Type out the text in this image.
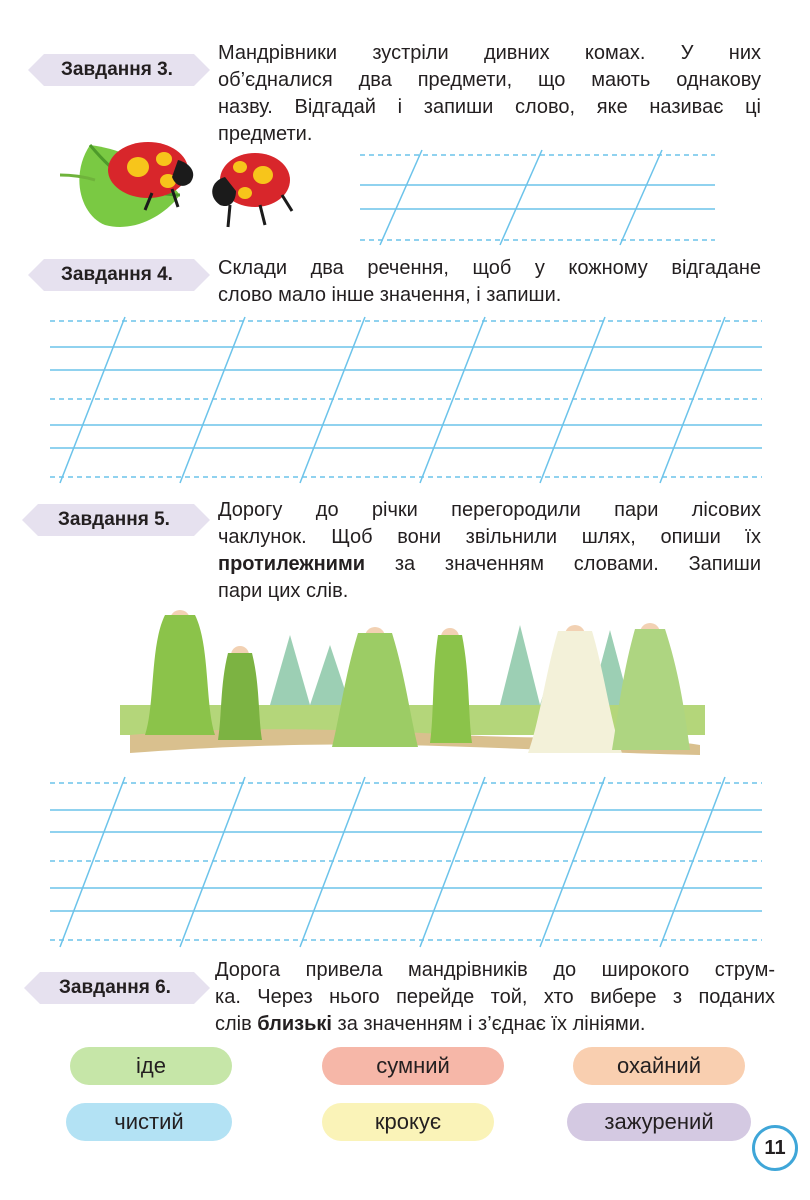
Завдання 3.
Мандрівники зустріли дивних комах. У них
об’єдналися два предмети, що мають однакову
назву. Відгадай і запиши слово, яке називає ці
предмети.
Завдання 4.	Склади два речення, щоб у кожному відгадане
слово мало інше значення, і запиши.
Завдання 5.	Дорогу до річки перегородили пари лісових
чаклунок. Щоб вони звільнили шлях, опиши їх
протилежними за значенням словами. Запиши
пари цих слів.
Завдання 6.
Дорога привела мандрівників до широкого струм-
ка. Через нього перейде той, хто вибере з поданих
слів близькі за значенням і з’єднає їх лініями.
іде	сумний	охайний
чистий	крокує	зажурений
11
